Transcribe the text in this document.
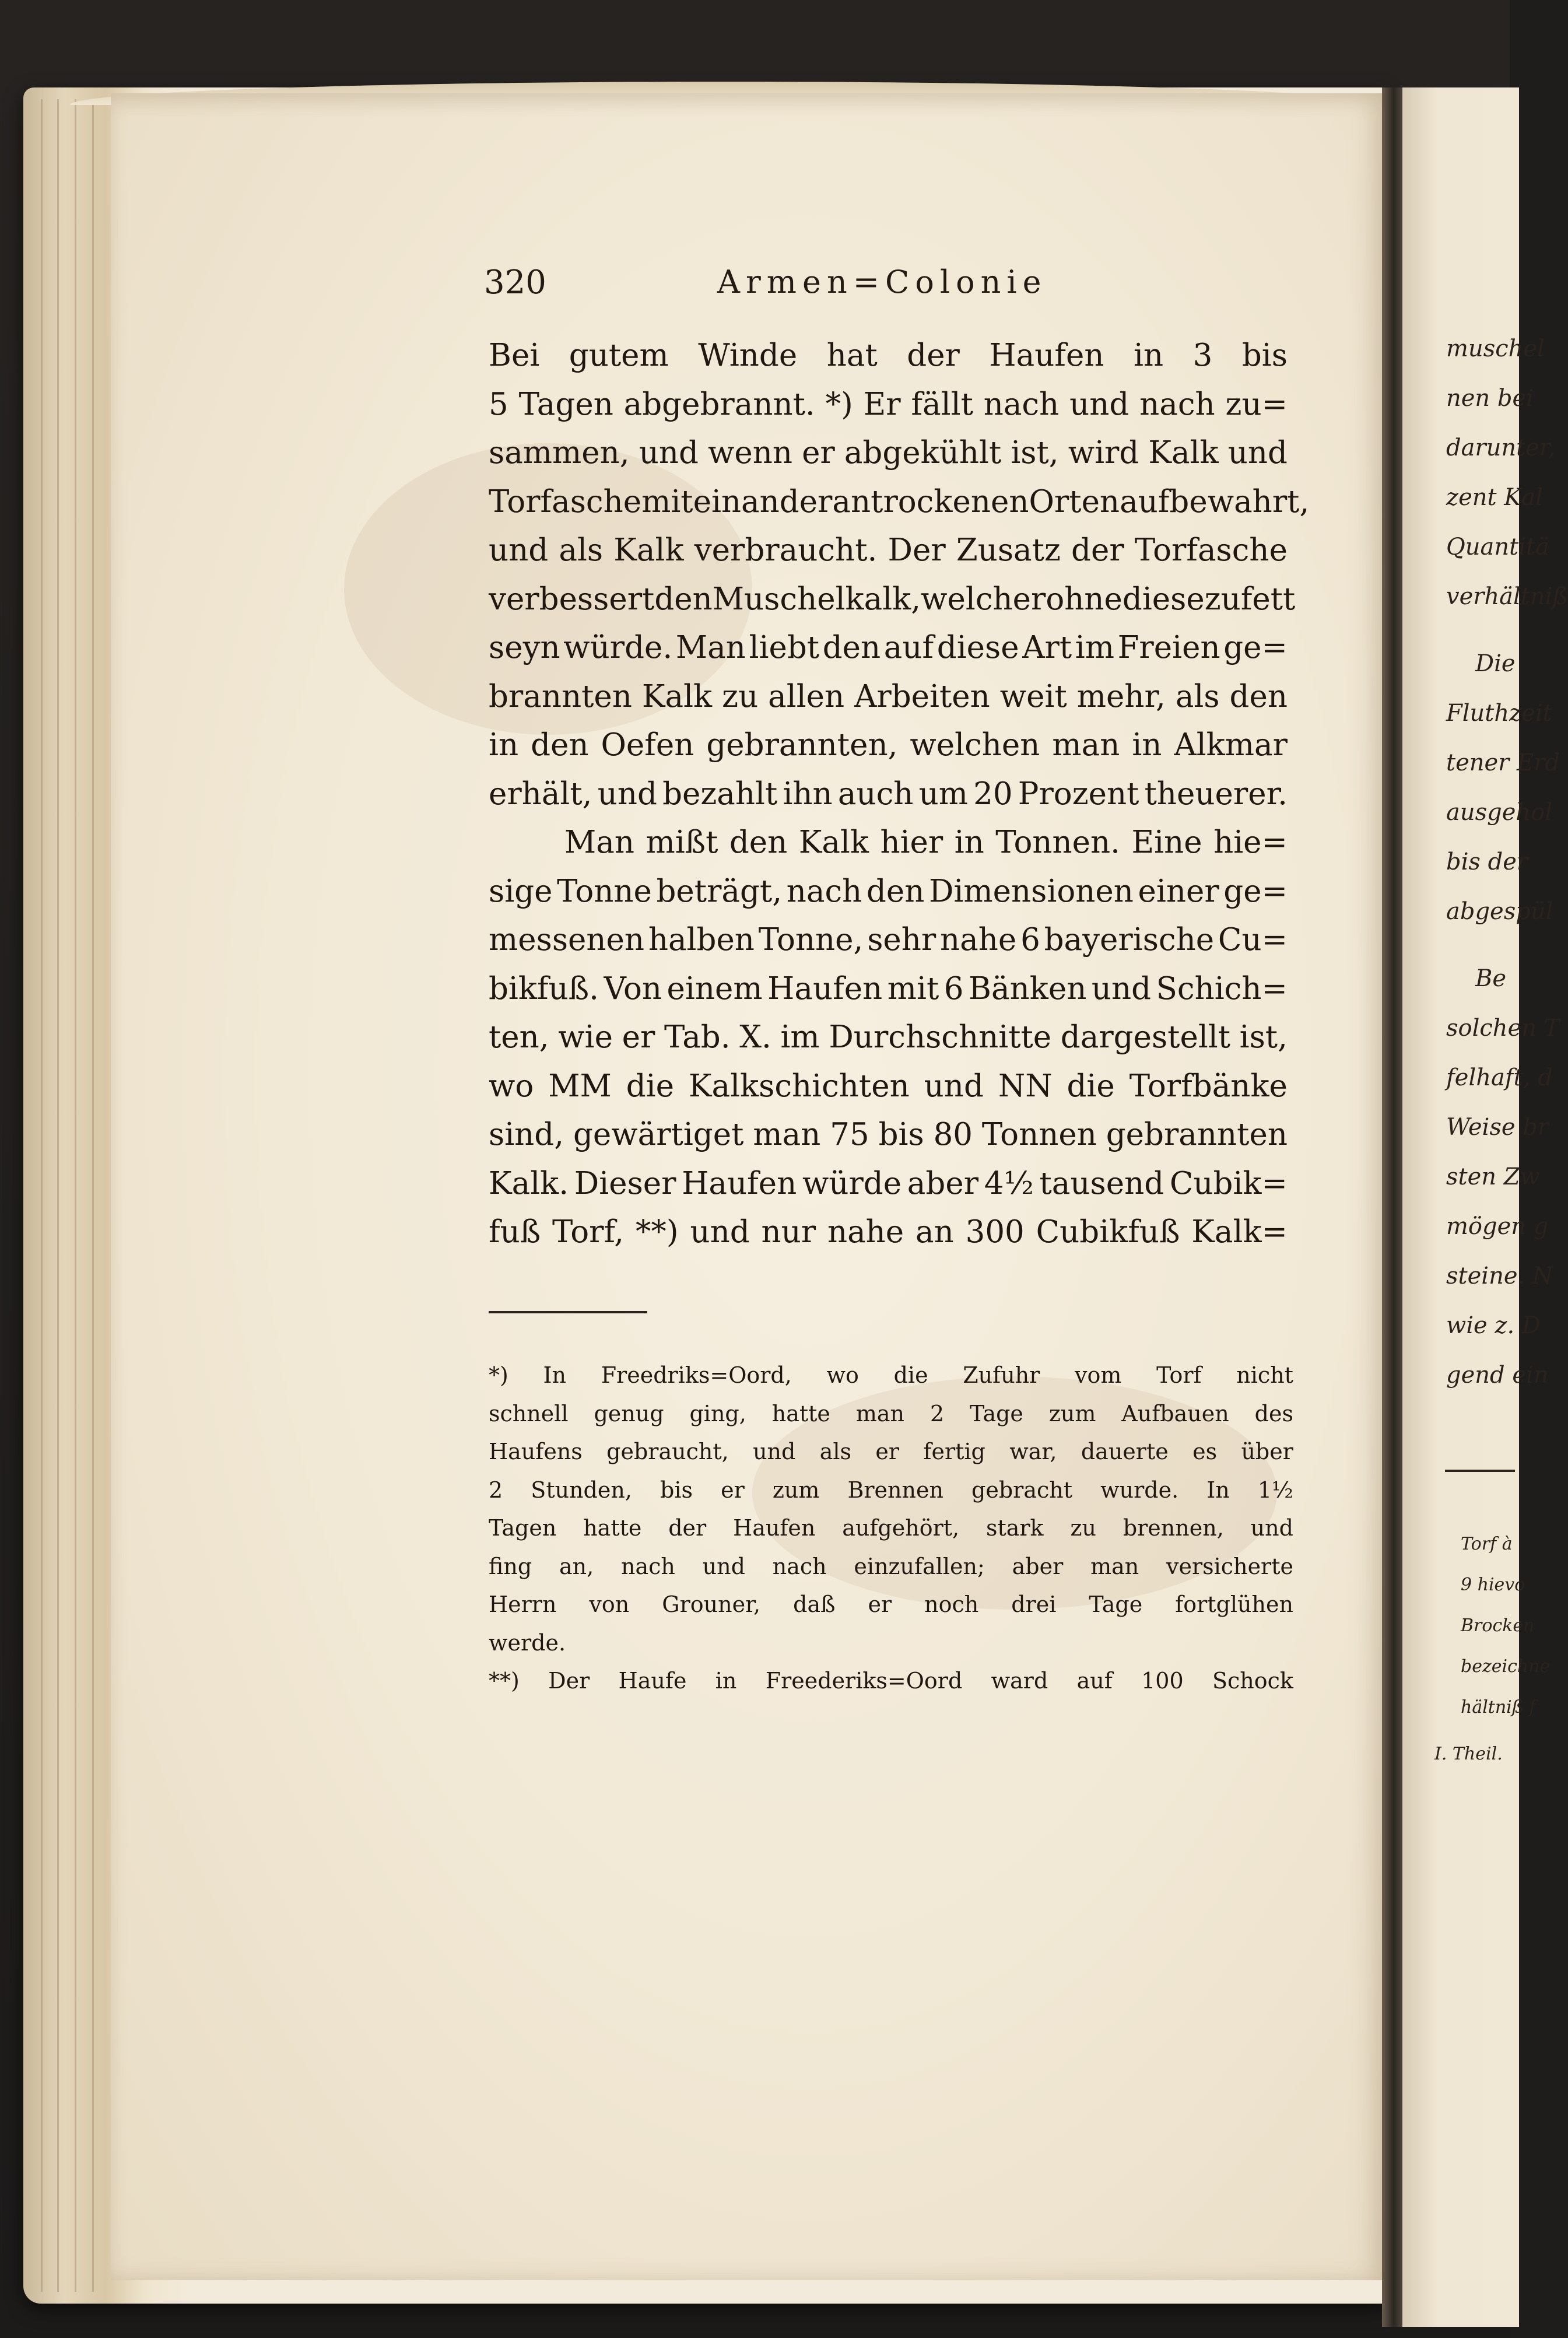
320	Armen=Colonie
Bei gutem Winde hat der Haufen in 3 bis
5 Tagen abgebrannt. *) Er fällt nach und nach zu=
sammen, und wenn er abgekühlt ist, wird Kalk und
Torfasche miteinander an trockenen Orten aufbewahrt,
und als Kalk verbraucht. Der Zusatz der Torfasche
verbessert den Muschelkalk, welcher ohne diese zu fett
seyn würde. Man liebt den auf diese Art im Freien ge=
brannten Kalk zu allen Arbeiten weit mehr, als den
in den Oefen gebrannten, welchen man in Alkmar
erhält, und bezahlt ihn auch um 20 Prozent theuerer.
Man mißt den Kalk hier in Tonnen. Eine hie=
sige Tonne beträgt, nach den Dimensionen einer ge=
messenen halben Tonne, sehr nahe 6 bayerische Cu=
bikfuß. Von einem Haufen mit 6 Bänken und Schich=
ten, wie er Tab. X. im Durchschnitte dargestellt ist,
wo MM die Kalkschichten und NN die Torfbänke
sind, gewärtiget man 75 bis 80 Tonnen gebrannten
Kalk. Dieser Haufen würde aber 4½ tausend Cubik=
fuß Torf, **) und nur nahe an 300 Cubikfuß Kalk=
*) In Freedriks=Oord, wo die Zufuhr vom Torf nicht
schnell genug ging, hatte man 2 Tage zum Aufbauen des
Haufens gebraucht, und als er fertig war, dauerte es über
2 Stunden, bis er zum Brennen gebracht wurde. In 1½
Tagen hatte der Haufen aufgehört, stark zu brennen, und
fing an, nach und nach einzufallen; aber man versicherte
Herrn von Grouner, daß er noch drei Tage fortglühen
werde.
**) Der Haufe in Freederiks=Oord ward auf 100 Schock
muschel
nen bei
darunter,
zent Kal
Quantitä
verhältniß
Die
Fluthzeit
tener Erd
ausgehol
bis der
abgespül
Be
solchen T
felhaft, d
Weise br
sten Zw
mögen g
steine. N
wie z. D
gend ein
Torf à
9 hievo
Brocken
bezeichne
hältniß f
I. Theil.
